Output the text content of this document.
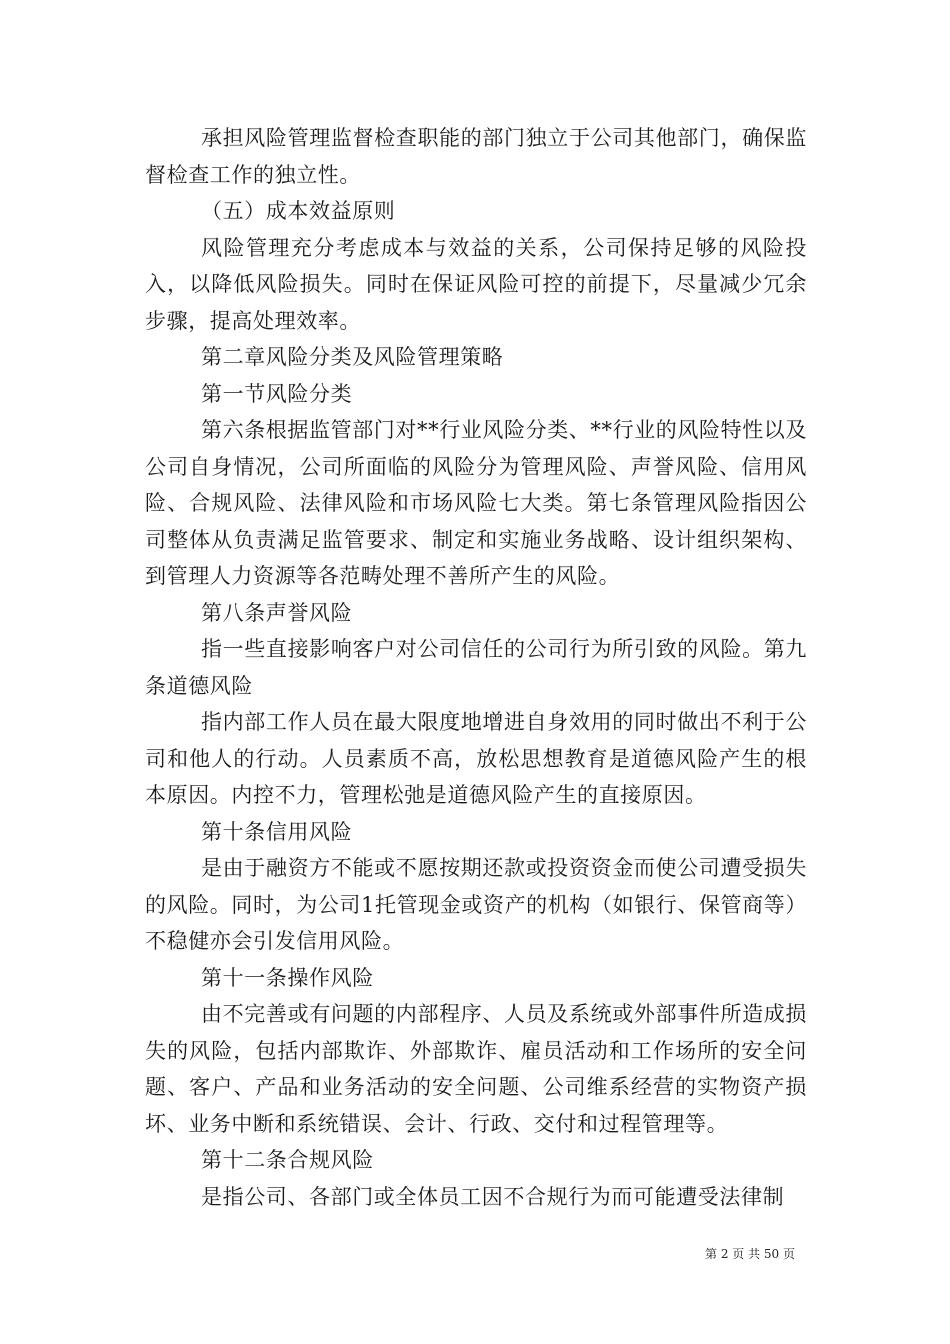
承担风险管理监督检查职能的部门独立于公司其他部门，确保监督检查工作的独立性。

（五）成本效益原则

风险管理充分考虑成本与效益的关系，公司保持足够的风险投入，以降低风险损失。同时在保证风险可控的前提下，尽量减少冗余步骤，提高处理效率。

第二章风险分类及风险管理策略

第一节风险分类

第六条根据监管部门对**行业风险分类、**行业的风险特性以及公司自身情况，公司所面临的风险分为管理风险、声誉风险、信用风险、合规风险、法律风险和市场风险七大类。第七条管理风险指因公司整体从负责满足监管要求、制定和实施业务战略、设计组织架构、到管理人力资源等各范畴处理不善所产生的风险。

第八条声誉风险

指一些直接影响客户对公司信任的公司行为所引致的风险。第九条道德风险

指内部工作人员在最大限度地增进自身效用的同时做出不利于公司和他人的行动。人员素质不高，放松思想教育是道德风险产生的根本原因。内控不力，管理松弛是道德风险产生的直接原因。

第十条信用风险

是由于融资方不能或不愿按期还款或投资资金而使公司遭受损失的风险。同时，为公司1托管现金或资产的机构（如银行、保管商等）不稳健亦会引发信用风险。

第十一条操作风险

由不完善或有问题的内部程序、人员及系统或外部事件所造成损失的风险，包括内部欺诈、外部欺诈、雇员活动和工作场所的安全问题、客户、产品和业务活动的安全问题、公司维系经营的实物资产损坏、业务中断和系统错误、会计、行政、交付和过程管理等。

第十二条合规风险

是指公司、各部门或全体员工因不合规行为而可能遭受法律制

第 2 页 共 50 页
